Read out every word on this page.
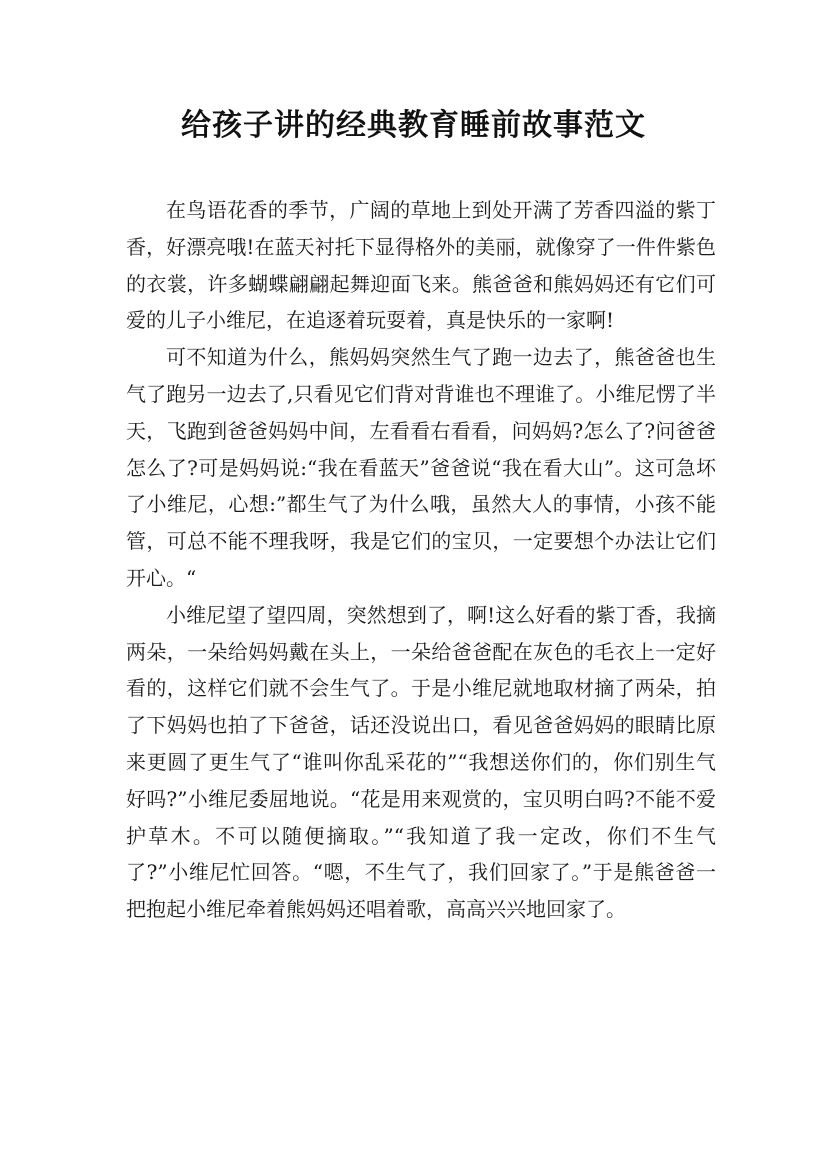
给孩子讲的经典教育睡前故事范文

在鸟语花香的季节，广阔的草地上到处开满了芳香四溢的紫丁香，好漂亮哦!在蓝天衬托下显得格外的美丽，就像穿了一件件紫色的衣裳，许多蝴蝶翩翩起舞迎面飞来。熊爸爸和熊妈妈还有它们可爱的儿子小维尼，在追逐着玩耍着，真是快乐的一家啊!

可不知道为什么，熊妈妈突然生气了跑一边去了，熊爸爸也生气了跑另一边去了,只看见它们背对背谁也不理谁了。小维尼愣了半天，飞跑到爸爸妈妈中间，左看看右看看，问妈妈?怎么了?问爸爸怎么了?可是妈妈说:“我在看蓝天”爸爸说“我在看大山”。这可急坏了小维尼，心想:”都生气了为什么哦，虽然大人的事情，小孩不能管，可总不能不理我呀，我是它们的宝贝，一定要想个办法让它们开心。“

小维尼望了望四周，突然想到了，啊!这么好看的紫丁香，我摘两朵，一朵给妈妈戴在头上，一朵给爸爸配在灰色的毛衣上一定好看的，这样它们就不会生气了。于是小维尼就地取材摘了两朵，拍了下妈妈也拍了下爸爸，话还没说出口，看见爸爸妈妈的眼睛比原来更圆了更生气了“谁叫你乱采花的”“我想送你们的，你们别生气好吗?”小维尼委屈地说。“花是用来观赏的，宝贝明白吗?不能不爱护草木。不可以随便摘取。”“我知道了我一定改，你们不生气了?”小维尼忙回答。“嗯，不生气了，我们回家了。”于是熊爸爸一把抱起小维尼牵着熊妈妈还唱着歌，高高兴兴地回家了。
